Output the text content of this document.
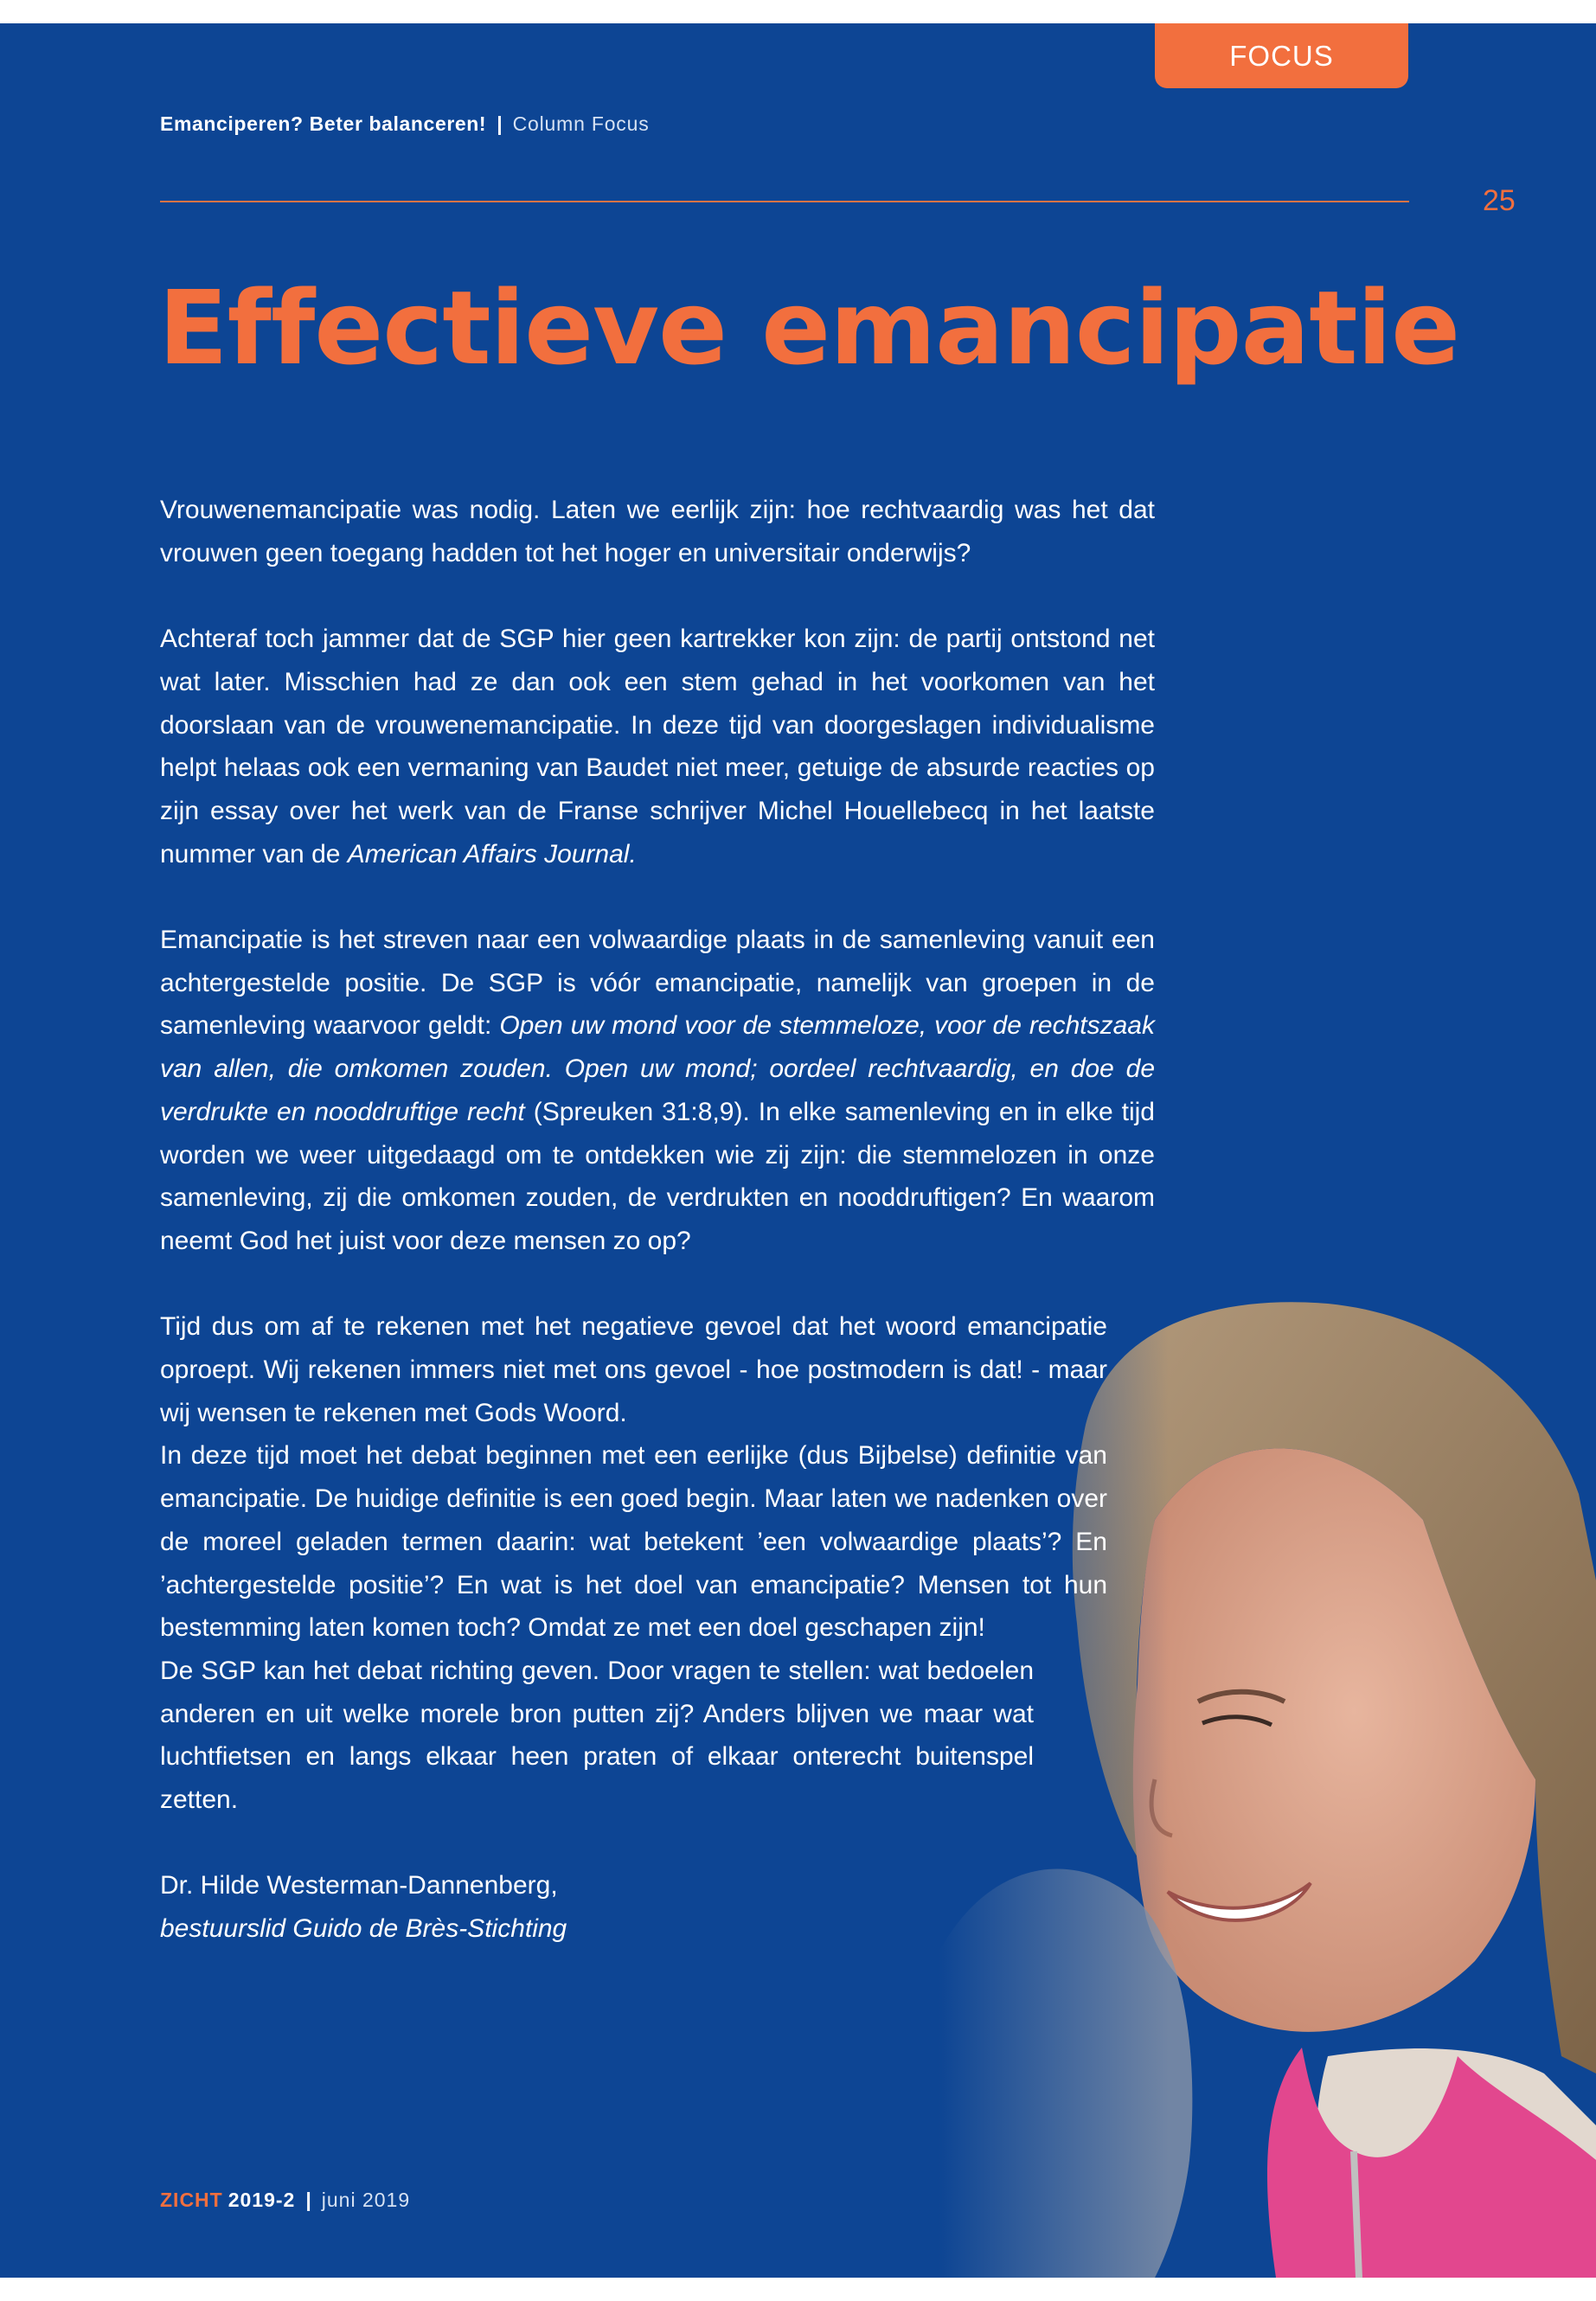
FOCUS
Emanciperen? Beter balanceren! | Column Focus
25
Effectieve emancipatie

Vrouwenemancipatie was nodig. Laten we eerlijk zijn: hoe rechtvaardig was het dat vrouwen geen toegang hadden tot het hoger en universitair onderwijs?

Achteraf toch jammer dat de SGP hier geen kartrekker kon zijn: de partij ontstond net wat later. Misschien had ze dan ook een stem gehad in het voorkomen van het doorslaan van de vrouwenemancipatie. In deze tijd van doorgeslagen individualisme helpt helaas ook een vermaning van Baudet niet meer, getuige de absurde reacties op zijn essay over het werk van de Franse schrijver Michel Houellebecq in het laatste nummer van de American Affairs Journal.

Emancipatie is het streven naar een volwaardige plaats in de samenleving vanuit een achtergestelde positie. De SGP is vóór emancipatie, namelijk van groepen in de samenleving waarvoor geldt: Open uw mond voor de stemmeloze, voor de rechtszaak van allen, die omkomen zouden. Open uw mond; oordeel rechtvaardig, en doe de verdrukte en nooddruftige recht (Spreuken 31:8,9). In elke samenleving en in elke tijd worden we weer uitgedaagd om te ontdekken wie zij zijn: die stemmelozen in onze samenleving, zij die omkomen zouden, de verdrukten en nooddruftigen? En waarom neemt God het juist voor deze mensen zo op?

Tijd dus om af te rekenen met het negatieve gevoel dat het woord emancipatie oproept. Wij rekenen immers niet met ons gevoel - hoe postmodern is dat! - maar wij wensen te rekenen met Gods Woord.

In deze tijd moet het debat beginnen met een eerlijke (dus Bijbelse) definitie van emancipatie. De huidige definitie is een goed begin. Maar laten we nadenken over de moreel geladen termen daarin: wat betekent ’een volwaardige plaats’? En ’achtergestelde positie’? En wat is het doel van emancipatie? Mensen tot hun bestemming laten komen toch? Omdat ze met een doel geschapen zijn!

De SGP kan het debat richting geven. Door vragen te stellen: wat bedoelen anderen en uit welke morele bron putten zij? Anders blijven we maar wat luchtfietsen en langs elkaar heen praten of elkaar onterecht buitenspel zetten.

Dr. Hilde Westerman-Dannenberg,

bestuurslid Guido de Brès-Stichting

ZICHT 2019-2 | juni 2019
